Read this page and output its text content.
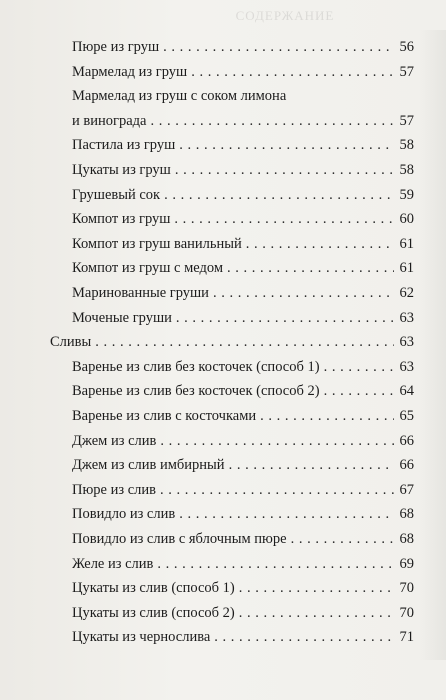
СОДЕРЖАНИЕ
Пюре из груш . . .	56
Мармелад из груш . . .	57
Мармелад из груш с соком лимона
и винограда . . .	57
Пастила из груш . . .	58
Цукаты из груш . . .	58
Грушевый сок . . .	59
Компот из груш . . .	60
Компот из груш ванильный . . .	61
Компот из груш с медом . . .	61
Маринованные груши . . .	62
Моченые груши . . .	63
Сливы . . .	63
Варенье из слив без косточек (способ 1) . . .	63
Варенье из слив без косточек (способ 2) . . .	64
Варенье из слив с косточками . . .	65
Джем из слив . . .	66
Джем из слив имбирный . . .	66
Пюре из слив . . .	67
Повидло из слив . . .	68
Повидло из слив с яблочным пюре . . .	68
Желе из слив . . .	69
Цукаты из слив (способ 1) . . .	70
Цукаты из слив (способ 2) . . .	70
Цукаты из чернослива . . .	71
